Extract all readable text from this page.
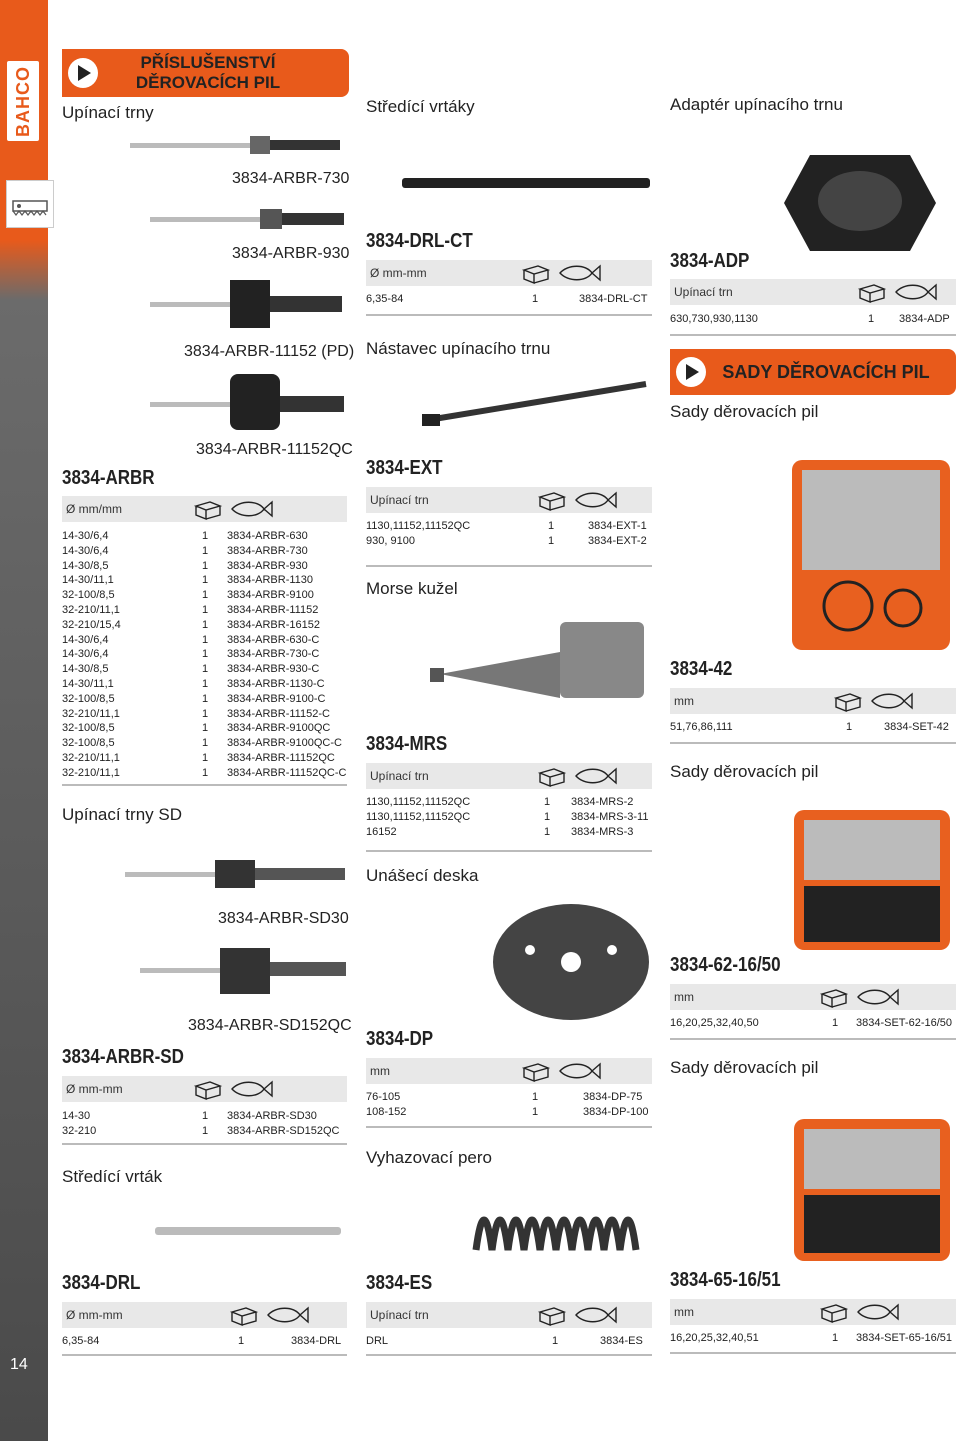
BAHCO
14
PŘÍSLUŠENSTVÍ DĚROVACÍCH PIL
Upínací trny
3834-ARBR-730
3834-ARBR-930
3834-ARBR-11152 (PD)
3834-ARBR-11152QC
3834-ARBR
Ø mm/mm
14-30/6,4	1	3834-ARBR-630
14-30/6,4	1	3834-ARBR-730
14-30/8,5	1	3834-ARBR-930
14-30/11,1	1	3834-ARBR-1130
32-100/8,5	1	3834-ARBR-9100
32-210/11,1	1	3834-ARBR-11152
32-210/15,4	1	3834-ARBR-16152
14-30/6,4	1	3834-ARBR-630-C
14-30/6,4	1	3834-ARBR-730-C
14-30/8,5	1	3834-ARBR-930-C
14-30/11,1	1	3834-ARBR-1130-C
32-100/8,5	1	3834-ARBR-9100-C
32-210/11,1	1	3834-ARBR-11152-C
32-100/8,5	1	3834-ARBR-9100QC
32-100/8,5	1	3834-ARBR-9100QC-C
32-210/11,1	1	3834-ARBR-11152QC
32-210/11,1	1	3834-ARBR-11152QC-C
Upínací trny SD
3834-ARBR-SD30
3834-ARBR-SD152QC
3834-ARBR-SD
Ø mm-mm
14-30	1	3834-ARBR-SD30
32-210	1	3834-ARBR-SD152QC
Středící vrták
3834-DRL
Ø mm-mm
6,35-84	1	3834-DRL
Středící vrtáky
3834-DRL-CT
Ø mm-mm
6,35-84	1	3834-DRL-CT
Nástavec upínacího trnu
3834-EXT
Upínací trn
1130,11152,11152QC	1	3834-EXT-1
930, 9100	1	3834-EXT-2
Morse kužel
3834-MRS
Upínací trn
1130,11152,11152QC	1	3834-MRS-2
1130,11152,11152QC	1	3834-MRS-3-11
16152	1	3834-MRS-3
Unášecí deska
3834-DP
mm
76-105	1	3834-DP-75
108-152	1	3834-DP-100
Vyhazovací pero
3834-ES
Upínací trn
DRL	1	3834-ES
Adaptér upínacího trnu
3834-ADP
Upínací trn
630,730,930,1130	1	3834-ADP
SADY DĚROVACÍCH PIL
Sady děrovacích pil
3834-42
mm
51,76,86,111	1	3834-SET-42
Sady děrovacích pil
3834-62-16/50
mm
16,20,25,32,40,50	1	3834-SET-62-16/50
Sady děrovacích pil
3834-65-16/51
mm
16,20,25,32,40,51	1	3834-SET-65-16/51
